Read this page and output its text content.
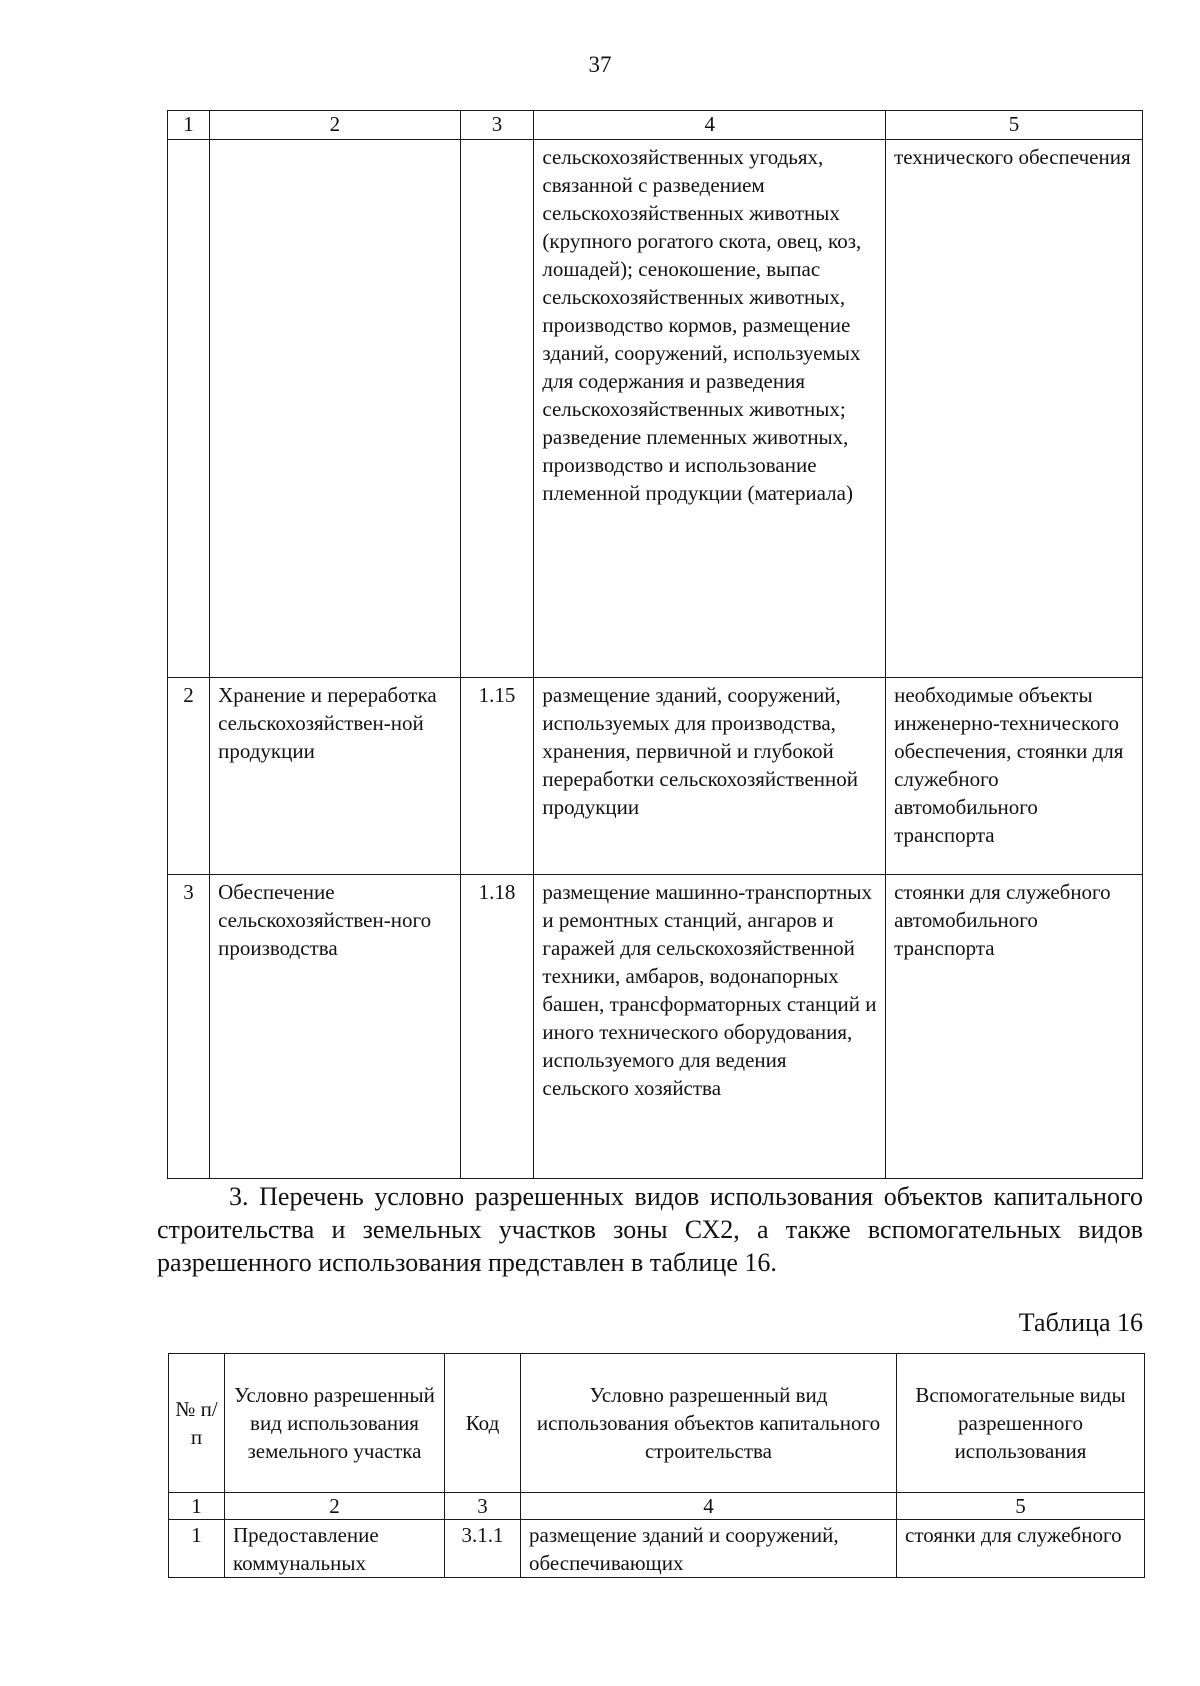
37
1	2	3	4	5
			сельскохозяйственных угодьях, связанной с разведением сельскохозяйственных животных (крупного рогатого скота, овец, коз, лошадей); сенокошение, выпас сельскохозяйственных животных, производство кормов, размещение зданий, сооружений, используемых для содержания и разведения сельскохозяйственных животных; разведение племенных животных, производство и использование племенной продукции (материала)	технического обеспечения
2	Хранение и переработка сельскохозяйствен-ной продукции	1.15	размещение зданий, сооружений, используемых для производства, хранения, первичной и глубокой переработки сельскохозяйственной продукции	необходимые объекты инженерно-технического обеспечения, стоянки для служебного автомобильного транспорта
3	Обеспечение сельскохозяйствен-ного производства	1.18	размещение машинно-транспортных и ремонтных станций, ангаров и гаражей для сельскохозяйственной техники, амбаров, водонапорных башен, трансформаторных станций и иного технического оборудования, используемого для ведения сельского хозяйства	стоянки для служебного автомобильного транспорта

3. Перечень условно разрешенных видов использования объектов капитального строительства и земельных участков зоны СХ2, а также вспомогательных видов разрешенного использования представлен в таблице 16.

Таблица 16
№ п/п	Условно разрешенный вид использования земельного участка	Код	Условно разрешенный вид использования объектов капитального строительства	Вспомогательные виды разрешенного использования
1	2	3	4	5
1	Предоставление коммунальных	3.1.1	размещение зданий и сооружений, обеспечивающих	стоянки для служебного
